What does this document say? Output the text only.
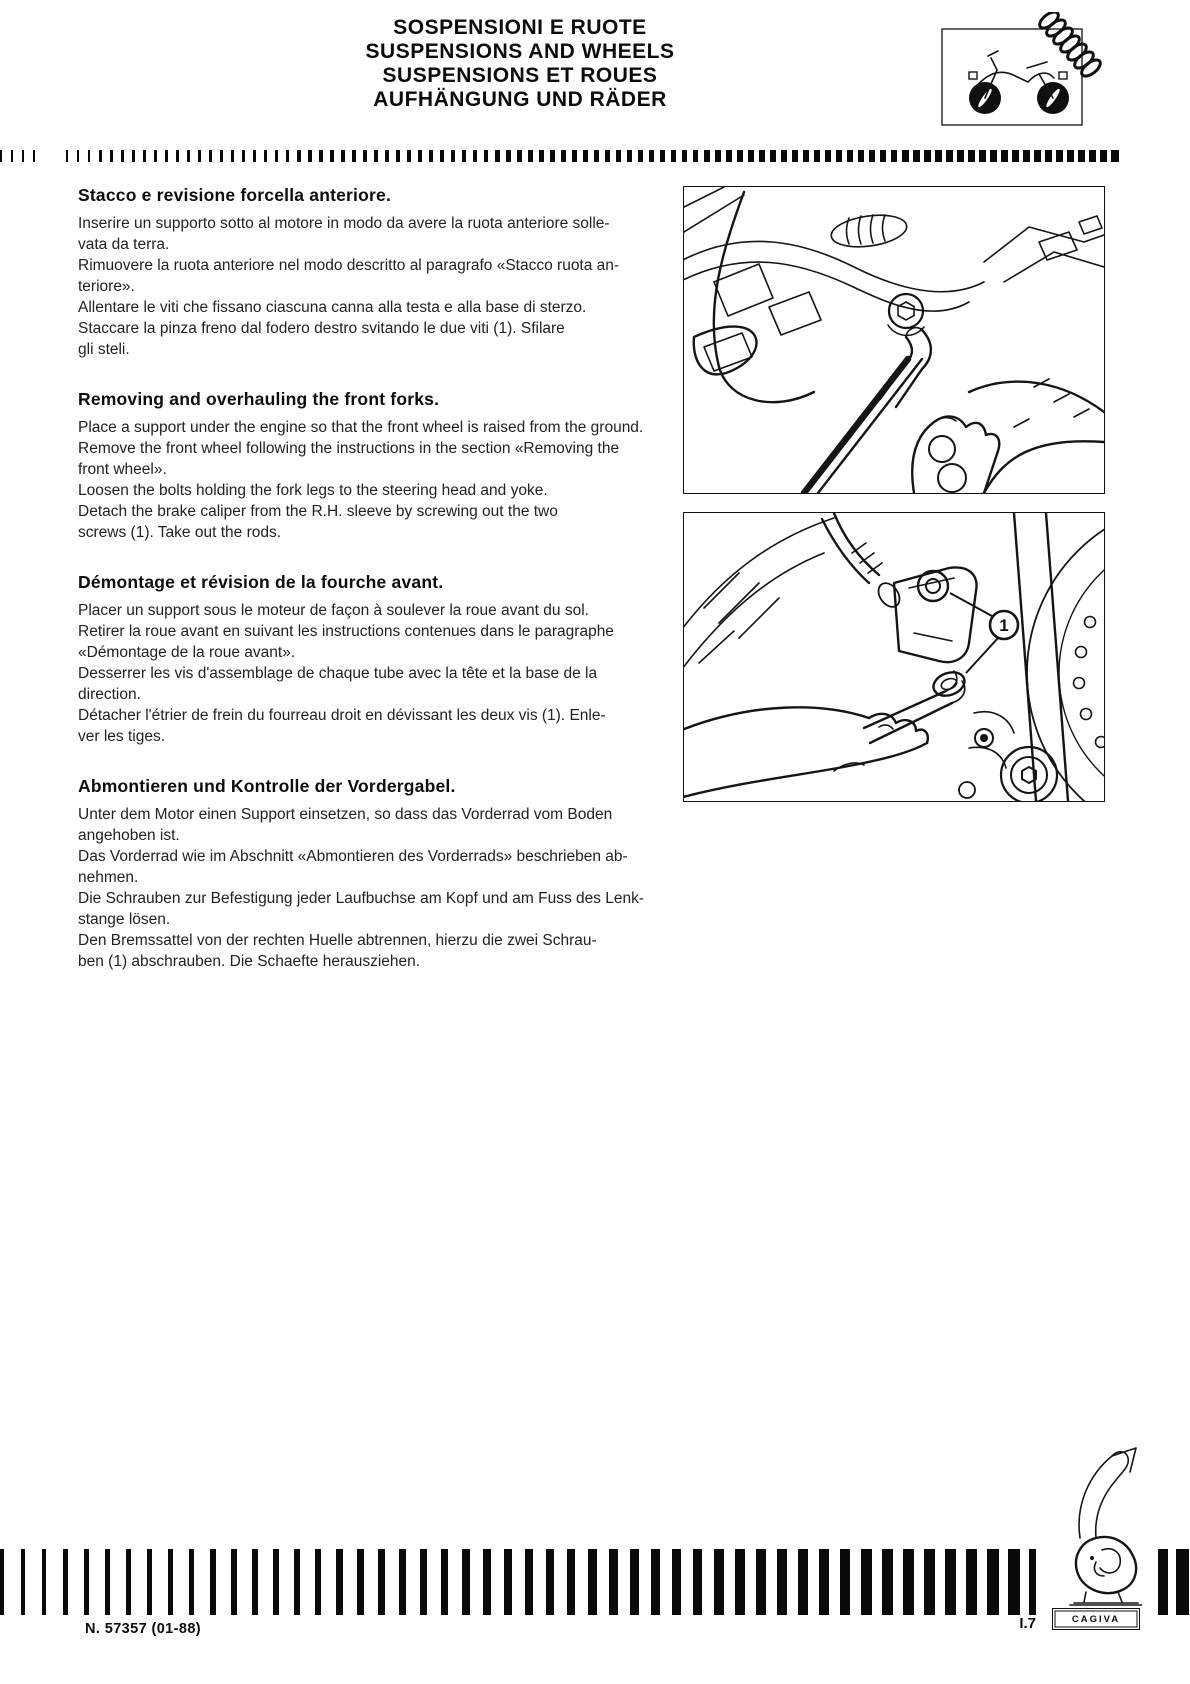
SOSPENSIONI E RUOTE
SUSPENSIONS AND WHEELS
SUSPENSIONS ET ROUES
AUFHÄNGUNG UND RÄDER
Stacco e revisione forcella anteriore.
Inserire un supporto sotto al motore in modo da avere la ruota anteriore solle-
vata da terra.
Rimuovere la ruota anteriore nel modo descritto al paragrafo «Stacco ruota an-
teriore».
Allentare le viti che fissano ciascuna canna alla testa e alla base di sterzo.
Staccare la pinza freno dal fodero destro svitando le due viti (1). Sfilare
gli steli.
Removing and overhauling the front forks.
Place a support under the engine so that the front wheel is raised from the ground.
Remove the front wheel following the instructions in the section «Removing the
front wheel».
Loosen the bolts holding the fork legs to the steering head and yoke.
Detach the brake caliper from the R.H. sleeve by screwing out the two
screws (1). Take out the rods.
Démontage et révision de la fourche avant.
Placer un support sous le moteur de façon à soulever la roue avant du sol.
Retirer la roue avant en suivant les instructions contenues dans le paragraphe
«Démontage de la roue avant».
Desserrer les vis d'assemblage de chaque tube avec la tête et la base de la
direction.
Détacher l'étrier de frein du fourreau droit en dévissant les deux vis (1). Enle-
ver les tiges.
Abmontieren und Kontrolle der Vordergabel.
Unter dem Motor einen Support einsetzen, so dass das Vorderrad vom Boden
angehoben ist.
Das Vorderrad wie im Abschnitt «Abmontieren des Vorderrads» beschrieben ab-
nehmen.
Die Schrauben zur Befestigung jeder Laufbuchse am Kopf und am Fuss des Lenk-
stange lösen.
Den Bremssattel von der rechten Huelle abtrennen, hierzu die zwei Schrau-
ben (1) abschrauben. Die Schaefte herausziehen.
1
N. 57357 (01-88)	I.7	CAGIVA
